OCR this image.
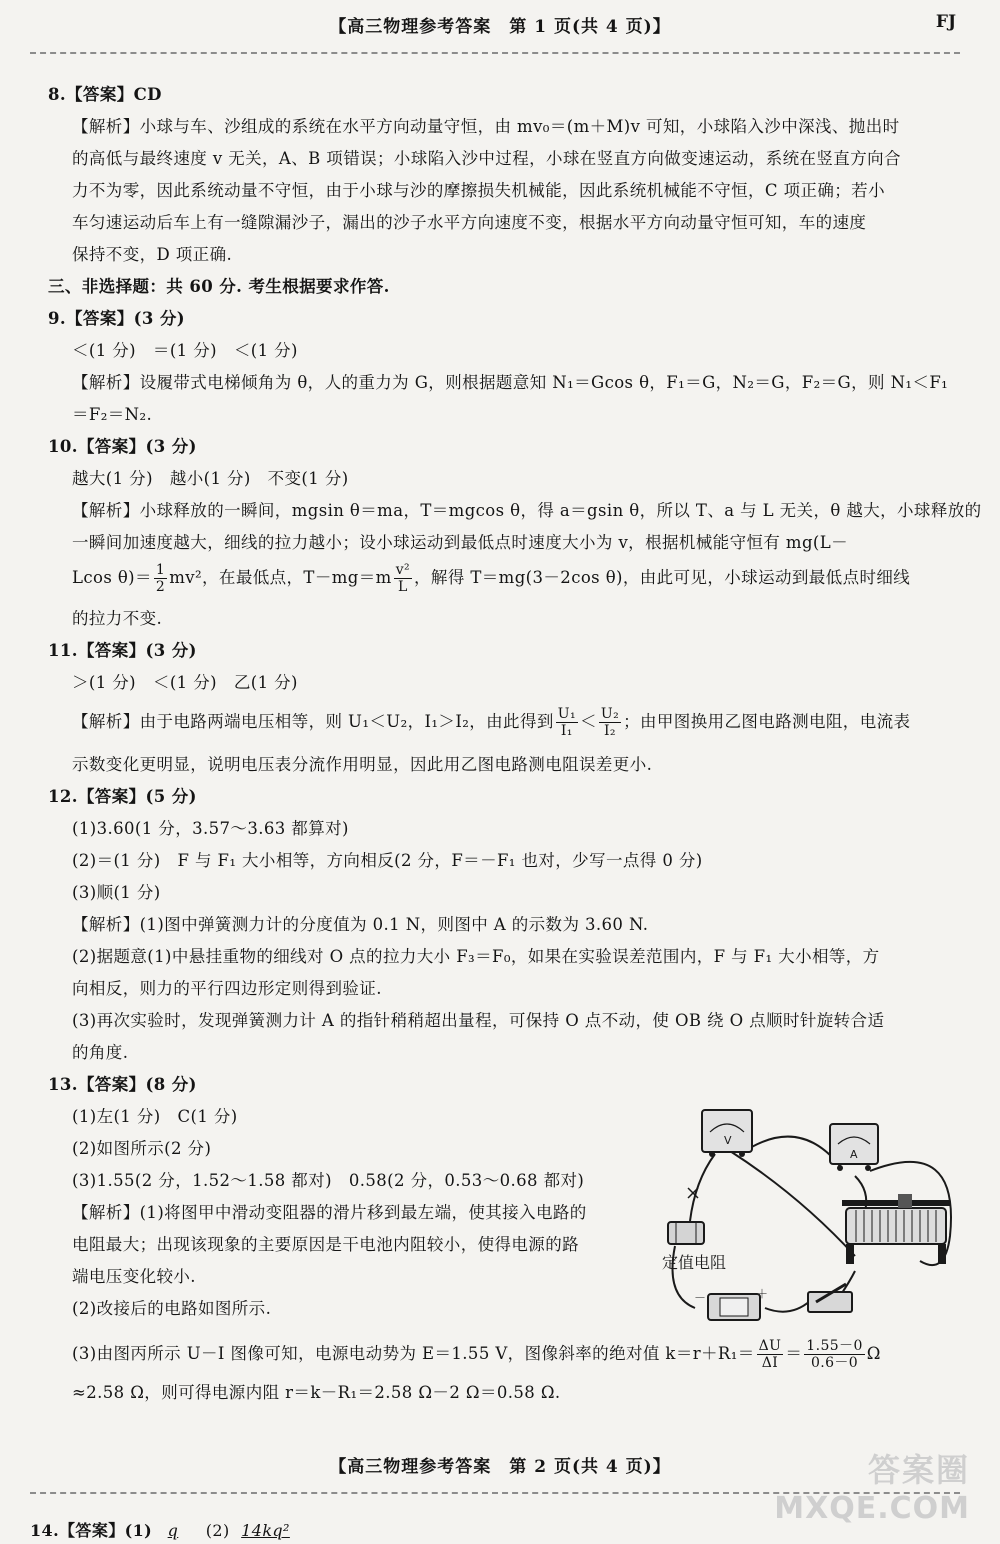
【高三物理参考答案　第 1 页(共 4 页)】	FJ
8.【答案】CD
【解析】小球与车、沙组成的系统在水平方向动量守恒，由 mv₀＝(m＋M)v 可知，小球陷入沙中深浅、抛出时
的高低与最终速度 v 无关，A、B 项错误；小球陷入沙中过程，小球在竖直方向做变速运动，系统在竖直方向合
力不为零，因此系统动量不守恒，由于小球与沙的摩擦损失机械能，因此系统机械能不守恒，C 项正确；若小
车匀速运动后车上有一缝隙漏沙子，漏出的沙子水平方向速度不变，根据水平方向动量守恒可知，车的速度
保持不变，D 项正确.
三、非选择题：共 60 分. 考生根据要求作答.
9.【答案】(3 分)
＜(1 分)　＝(1 分)　＜(1 分)
【解析】设履带式电梯倾角为 θ，人的重力为 G，则根据题意知 N₁＝Gcos θ，F₁＝G，N₂＝G，F₂＝G，则 N₁＜F₁
＝F₂＝N₂.
10.【答案】(3 分)
越大(1 分)　越小(1 分)　不变(1 分)
【解析】小球释放的一瞬间，mgsin θ＝ma，T＝mgcos θ，得 a＝gsin θ，所以 T、a 与 L 无关，θ 越大，小球释放的
一瞬间加速度越大，细线的拉力越小；设小球运动到最低点时速度大小为 v，根据机械能守恒有 mg(L－
Lcos $\theta)= \frac{1}{2} mv^2$，在最低点，$T-mg=m \frac{\text{v²}}{L}$ ，解得 T＝mg(3－2cos θ)，由此可见，小球运动到最低点时细线
的拉力不变.
11.【答案】(3 分)
＞(1 分)　＜(1 分)　乙(1 分)
【解析】由于电路两端电压相等，则 U₁＜U₂，I₁＞I₂，由此得到 $\frac{\text{U₁}}{\text{I₁}} < \frac{\text{U₂}}{\text{I₂}}$ ；由甲图换用乙图电路测电阻，电流表
示数变化更明显，说明电压表分流作用明显，因此用乙图电路测电阻误差更小.
12.【答案】(5 分)
(1)3.60(1 分，3.57～3.63 都算对)
(2)＝(1 分)　F 与 F₁ 大小相等，方向相反(2 分，F＝－F₁ 也对，少写一点得 0 分)
(3)顺(1 分)
【解析】(1)图中弹簧测力计的分度值为 0.1 N，则图中 A 的示数为 3.60 N.
(2)据题意(1)中悬挂重物的细线对 O 点的拉力大小 F₃＝F₀，如果在实验误差范围内，F 与 F₁ 大小相等，方
向相反，则力的平行四边形定则得到验证.
(3)再次实验时，发现弹簧测力计 A 的指针稍稍超出量程，可保持 O 点不动，使 OB 绕 O 点顺时针旋转合适
的角度.
13.【答案】(8 分)
(1)左(1 分)　C(1 分)
(2)如图所示(2 分)
(3)1.55(2 分，1.52～1.58 都对)　0.58(2 分，0.53～0.68 都对)
【解析】(1)将图甲中滑动变阻器的滑片移到最左端，使其接入电路的
电阻最大；出现该现象的主要原因是干电池内阻较小，使得电源的路
端电压变化较小.
(2)改接后的电路如图所示.
(3)由图丙所示 U－I 图像可知，电源电动势为 E＝1.55 V，图像斜率的绝对值 $k=r+R_1= \frac{\Delta U}{\Delta I} = \frac{1.55-0}{0.6-0}$ Ω
≈2.58 Ω，则可得电源内阻 r＝k－R₁＝2.58 Ω－2 Ω＝0.58 Ω.
V
A
定值电阻
－	＋
【高三物理参考答案　第 2 页(共 4 页)】
14.【答案】(1) q (2) 14kq²
答案圈
MXQE.COM
